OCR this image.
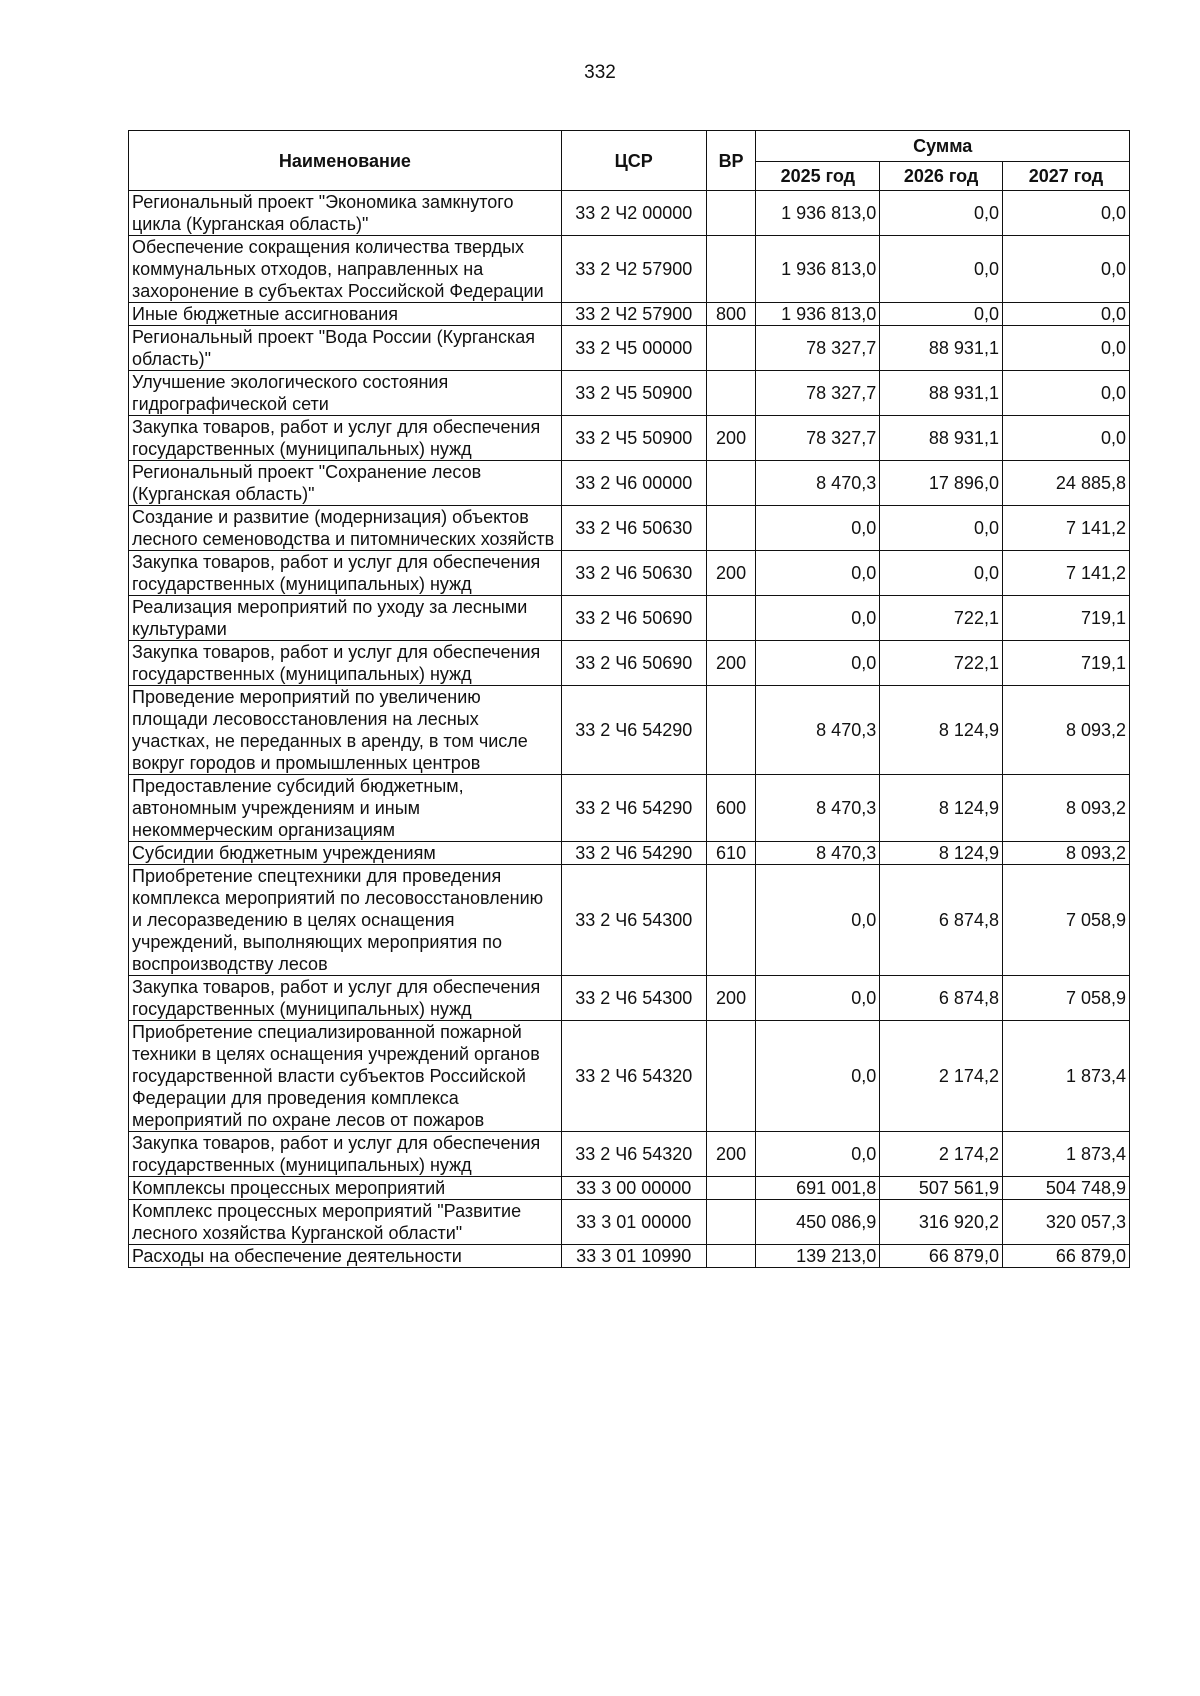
332
Наименование	ЦСР	ВР	Сумма		
			2025 год	2026 год	2027 год
Региональный проект "Экономика замкнутого цикла (Курганская область)"	33 2 Ч2 00000		1 936 813,0	0,0	0,0
Обеспечение сокращения количества твердых коммунальных отходов, направленных на захоронение в субъектах Российской Федерации	33 2 Ч2 57900		1 936 813,0	0,0	0,0
Иные бюджетные ассигнования	33 2 Ч2 57900	800	1 936 813,0	0,0	0,0
Региональный проект "Вода России (Курганская область)"	33 2 Ч5 00000		78 327,7	88 931,1	0,0
Улучшение экологического состояния гидрографической сети	33 2 Ч5 50900		78 327,7	88 931,1	0,0
Закупка товаров, работ и услуг для обеспечения государственных (муниципальных) нужд	33 2 Ч5 50900	200	78 327,7	88 931,1	0,0
Региональный проект "Сохранение лесов (Курганская область)"	33 2 Ч6 00000		8 470,3	17 896,0	24 885,8
Создание и развитие (модернизация) объектов лесного семеноводства и питомнических хозяйств	33 2 Ч6 50630		0,0	0,0	7 141,2
Закупка товаров, работ и услуг для обеспечения государственных (муниципальных) нужд	33 2 Ч6 50630	200	0,0	0,0	7 141,2
Реализация мероприятий по уходу за лесными культурами	33 2 Ч6 50690		0,0	722,1	719,1
Закупка товаров, работ и услуг для обеспечения государственных (муниципальных) нужд	33 2 Ч6 50690	200	0,0	722,1	719,1
Проведение мероприятий по увеличению площади лесовосстановления на лесных участках, не переданных в аренду, в том числе вокруг городов и промышленных центров	33 2 Ч6 54290		8 470,3	8 124,9	8 093,2
Предоставление субсидий бюджетным, автономным учреждениям и иным некоммерческим организациям	33 2 Ч6 54290	600	8 470,3	8 124,9	8 093,2
Субсидии бюджетным учреждениям	33 2 Ч6 54290	610	8 470,3	8 124,9	8 093,2
Приобретение спецтехники для проведения комплекса мероприятий по лесовосстановлению и лесоразведению в целях оснащения учреждений, выполняющих мероприятия по воспроизводству лесов	33 2 Ч6 54300		0,0	6 874,8	7 058,9
Закупка товаров, работ и услуг для обеспечения государственных (муниципальных) нужд	33 2 Ч6 54300	200	0,0	6 874,8	7 058,9
Приобретение специализированной пожарной техники в целях оснащения учреждений органов государственной власти субъектов Российской Федерации для проведения комплекса мероприятий по охране лесов от пожаров	33 2 Ч6 54320		0,0	2 174,2	1 873,4
Закупка товаров, работ и услуг для обеспечения государственных (муниципальных) нужд	33 2 Ч6 54320	200	0,0	2 174,2	1 873,4
Комплексы процессных мероприятий	33 3 00 00000		691 001,8	507 561,9	504 748,9
Комплекс процессных мероприятий "Развитие лесного хозяйства Курганской области"	33 3 01 00000		450 086,9	316 920,2	320 057,3
Расходы на обеспечение деятельности	33 3 01 10990		139 213,0	66 879,0	66 879,0
